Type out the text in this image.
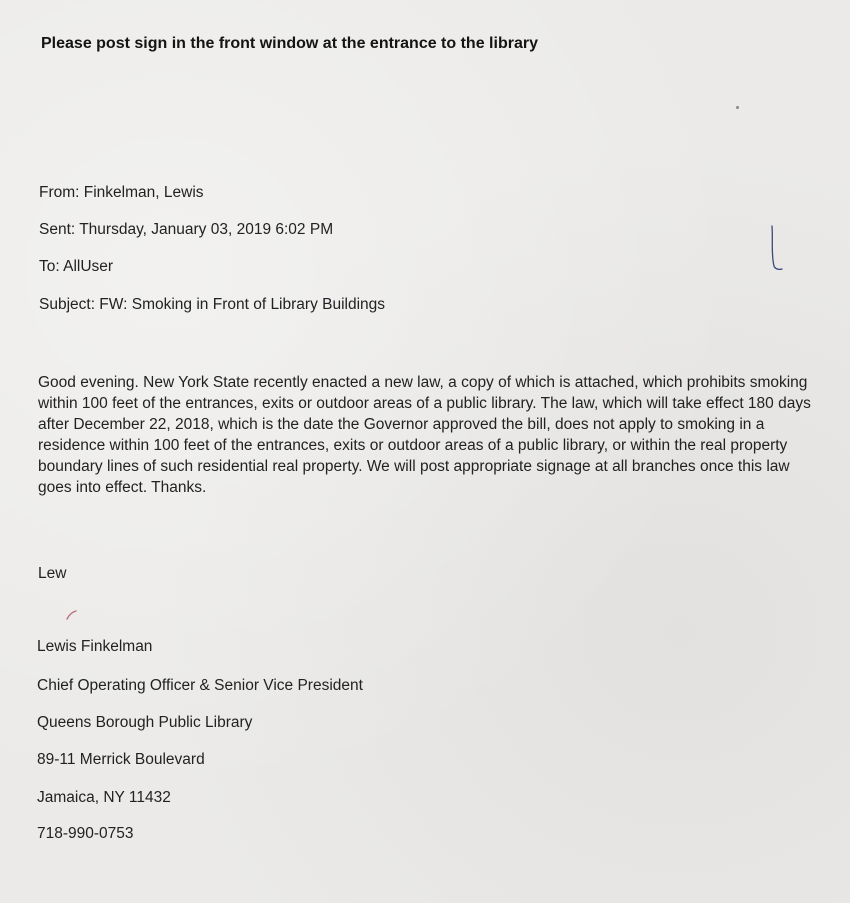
Please post sign in the front window at the entrance to the library

From: Finkelman, Lewis

Sent: Thursday, January 03, 2019 6:02 PM

To: AllUser

Subject: FW: Smoking in Front of Library Buildings

Good evening. New York State recently enacted a new law, a copy of which is attached, which prohibits smoking within 100 feet of the entrances, exits or outdoor areas of a public library. The law, which will take effect 180 days after December 22, 2018, which is the date the Governor approved the bill, does not apply to smoking in a residence within 100 feet of the entrances, exits or outdoor areas of a public library, or within the real property boundary lines of such residential real property. We will post appropriate signage at all branches once this law goes into effect. Thanks.

Lew

Lewis Finkelman

Chief Operating Officer & Senior Vice President

Queens Borough Public Library

89-11 Merrick Boulevard

Jamaica, NY 11432

718-990-0753
